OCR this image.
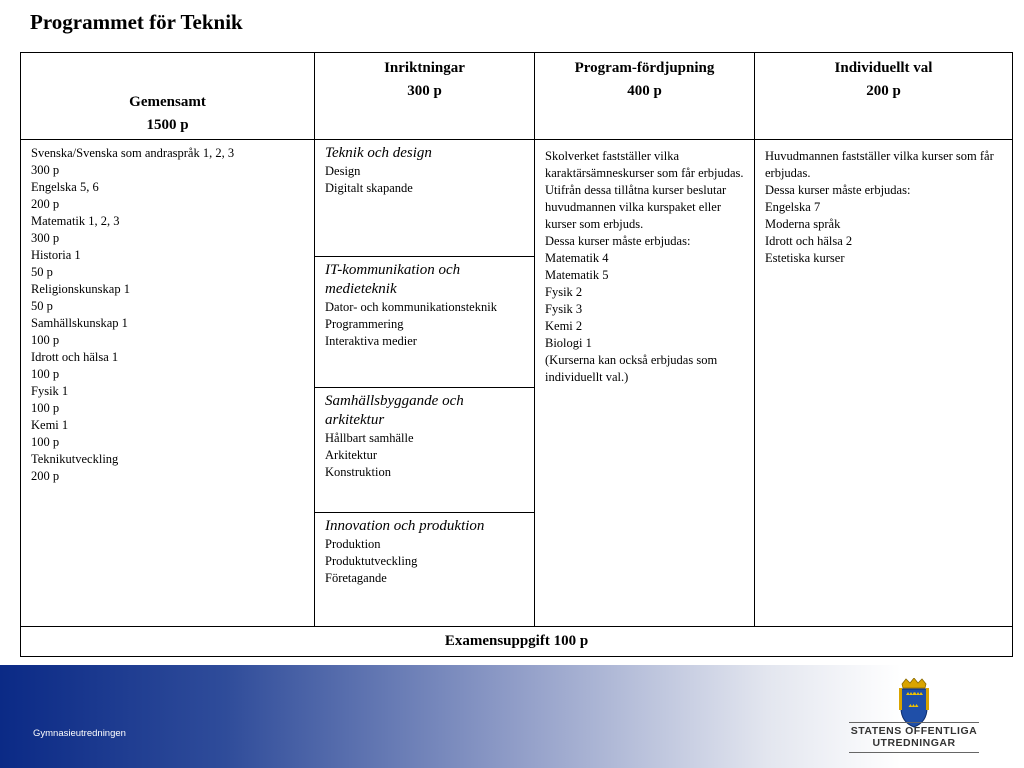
Programmet för Teknik
Gemensamt
1500 p
Inriktningar
300 p
Program-fördjupning
400 p
Individuellt val
200 p
Svenska/Svenska som andraspråk 1, 2, 3
300 p
Engelska 5, 6
200 p
Matematik 1, 2, 3
300 p
Historia 1
50 p
Religionskunskap 1
50 p
Samhällskunskap 1
100 p
Idrott och hälsa 1
100 p
Fysik 1
100 p
Kemi 1
100 p
Teknikutveckling
200 p
Teknik och design
Design
Digitalt skapande
IT-kommunikation och medieteknik
Dator- och kommunikationsteknik
Programmering
Interaktiva medier
Samhällsbyggande och arkitektur
Hållbart samhälle
Arkitektur
Konstruktion
Innovation och produktion
Produktion
Produktutveckling
Företagande
Skolverket fastställer vilka karaktärsämneskurser som får erbjudas. Utifrån dessa tillåtna kurser beslutar huvudmannen vilka kurspaket eller kurser som erbjuds.
Dessa kurser måste erbjudas:
Matematik 4
Matematik 5
Fysik 2
Fysik 3
Kemi 2
Biologi 1
(Kurserna kan också erbjudas som individuellt val.)
Huvudmannen fastställer vilka kurser som får erbjudas.
Dessa kurser måste erbjudas:
Engelska 7
Moderna språk
Idrott och hälsa 2
Estetiska kurser
Examensuppgift 100 p
Gymnasieutredningen	STATENS OFFENTLIGA
UTREDNINGAR
